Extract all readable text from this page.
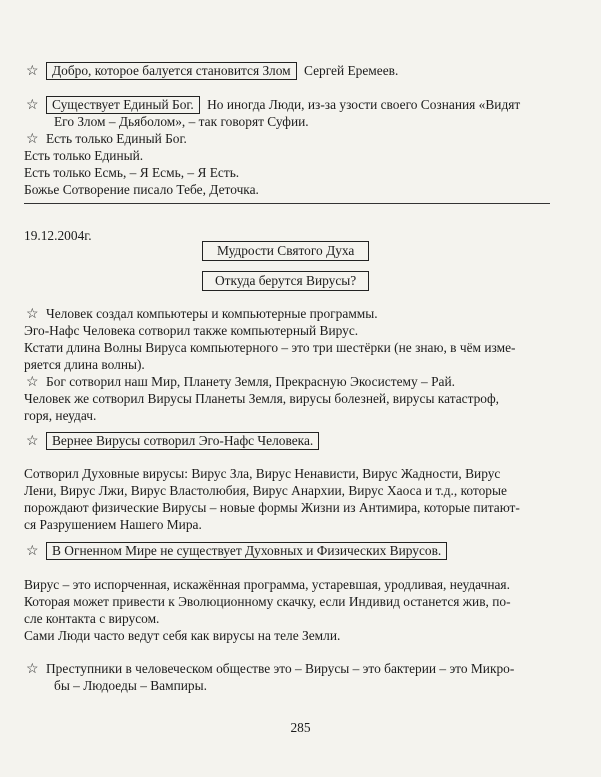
☆ Добро, которое балуется становится Злом Сергей Еремеев.
☆ Существует Единый Бог. Но иногда Люди, из-за узости своего Сознания «Видят
Его Злом – Дьяболом», – так говорят Суфии.
☆ Есть только Единый Бог.
Есть только Единый.
Есть только Есмь, – Я Есмь, – Я Есть.
Божье Сотворение писало Тебе, Деточка.
19.12.2004г.
Мудрости Святого Духа
Откуда берутся Вирусы?
☆ Человек создал компьютеры и компьютерные программы.
Эго-Нафс Человека сотворил также компьютерный Вирус.
Кстати длина Волны Вируса компьютерного – это три шестёрки (не знаю, в чём изме-
ряется длина волны).
☆ Бог сотворил наш Мир, Планету Земля, Прекрасную Экосистему – Рай.
Человек же сотворил Вирусы Планеты Земля, вирусы болезней, вирусы катастроф,
горя, неудач.
☆ Вернее Вирусы сотворил Эго-Нафс Человека.
Сотворил Духовные вирусы: Вирус Зла, Вирус Ненависти, Вирус Жадности, Вирус
Лени, Вирус Лжи, Вирус Властолюбия, Вирус Анархии, Вирус Хаоса и т.д., которые
порождают физические Вирусы – новые формы Жизни из Антимира, которые питают-
ся Разрушением Нашего Мира.
☆ В Огненном Мире не существует Духовных и Физических Вирусов.
Вирус – это испорченная, искажённая программа, устаревшая, уродливая, неудачная.
Которая может привести к Эволюционному скачку, если Индивид останется жив, по-
сле контакта с вирусом.
Сами Люди часто ведут себя как вирусы на теле Земли.
☆ Преступники в человеческом обществе это – Вирусы – это бактерии – это Микро-
бы – Людоеды – Вампиры.
285
